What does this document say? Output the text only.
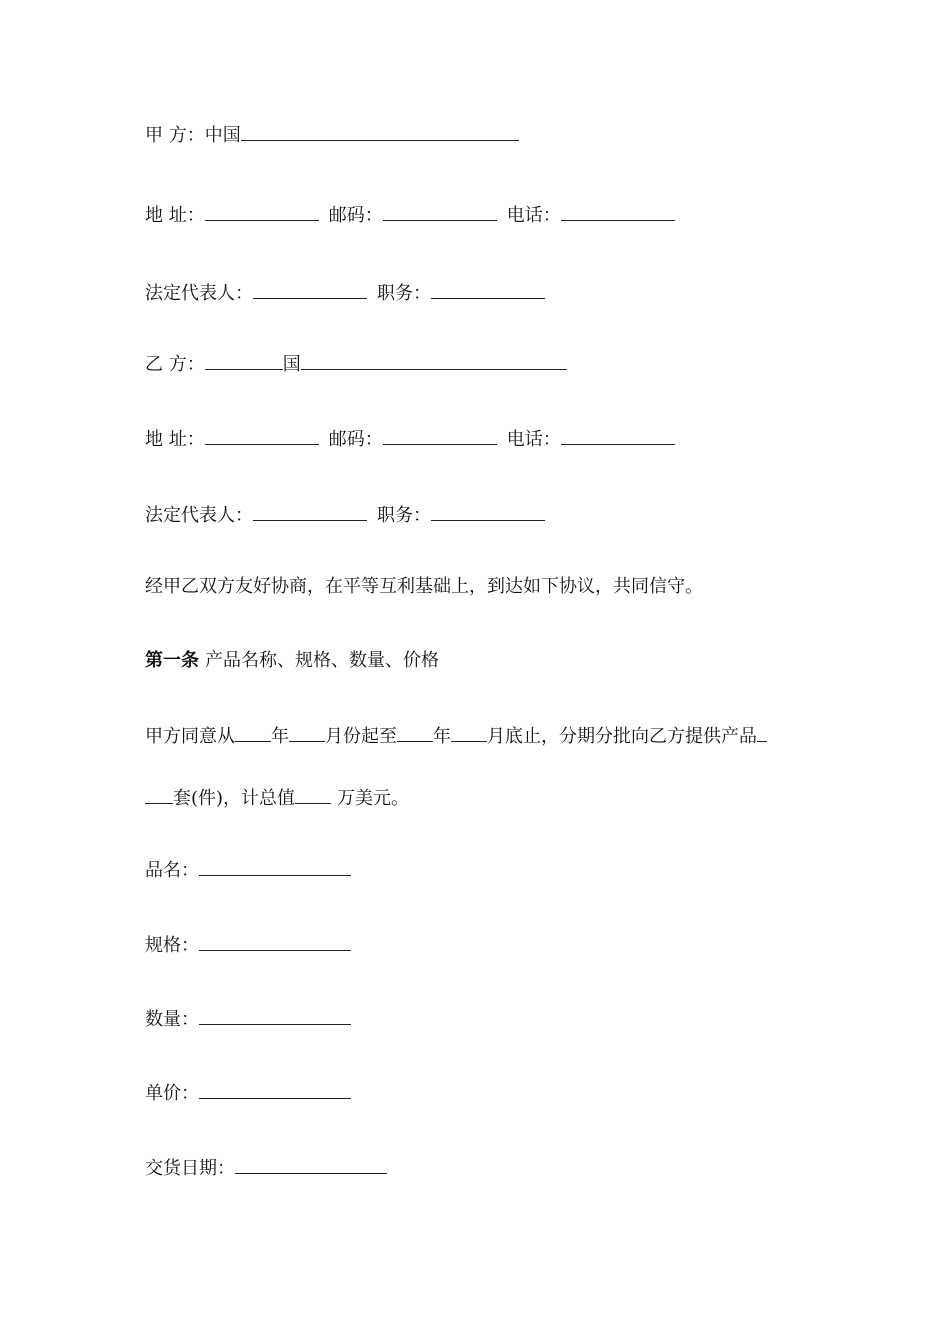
甲 方：中国
地 址：	邮码：	电话：
法定代表人：	职务：
乙 方：	国
地 址：	邮码：	电话：
法定代表人：	职务：
经甲乙双方友好协商，在平等互利基础上，到达如下协议，共同信守。
第一条 产品名称、规格、数量、价格
甲方同意从 年 月份起至 年 月底止，分期分批向乙方提供产品
套(件)，计总值 万美元。
品名：
规格：
数量：
单价：
交货日期：
